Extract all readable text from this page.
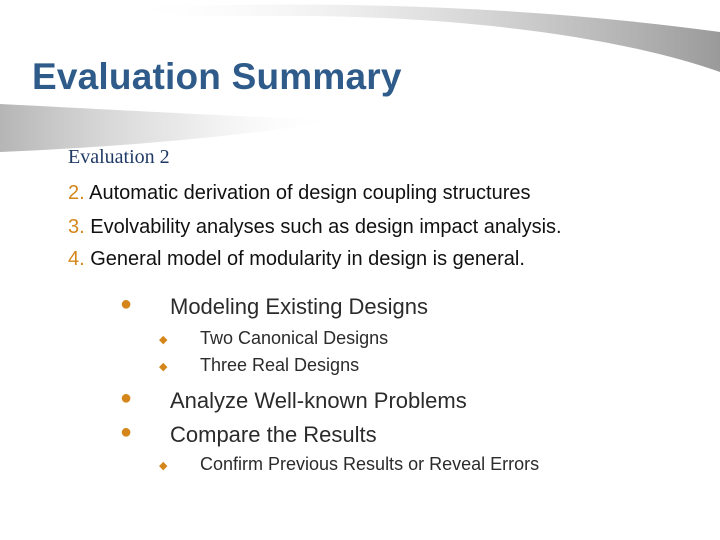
Evaluation Summary
Evaluation 2
2. Automatic derivation of design coupling structures
3. Evolvability analyses such as design impact analysis.
4. General model of modularity in design is general.
● Modeling Existing Designs
◆ Two Canonical Designs
◆ Three Real Designs
● Analyze Well-known Problems
● Compare the Results
◆ Confirm Previous Results or Reveal Errors
